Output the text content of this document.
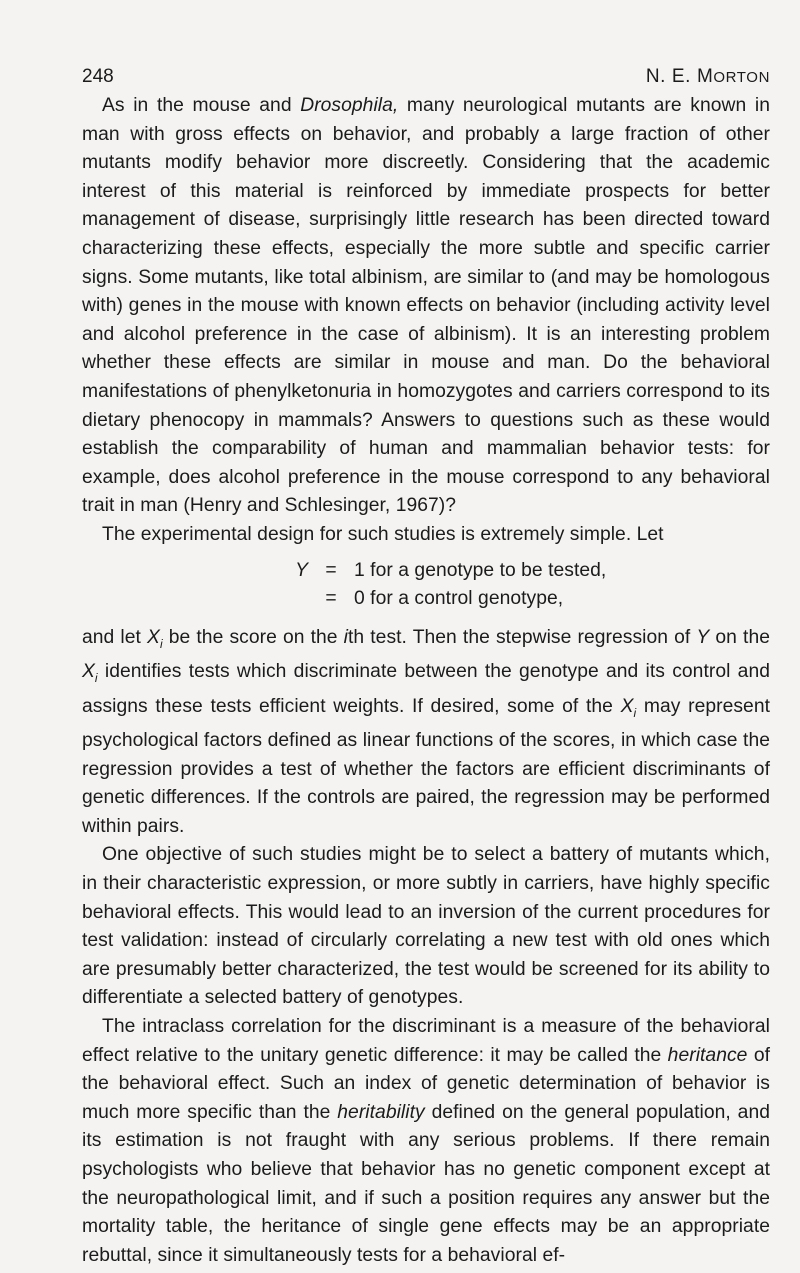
248	N. E. MORTON

As in the mouse and Drosophila, many neurological mutants are known in man with gross effects on behavior, and probably a large fraction of other mutants modify behavior more discreetly. Considering that the academic interest of this material is reinforced by immediate prospects for better management of disease, surprisingly little research has been directed toward characterizing these effects, especially the more subtle and specific carrier signs. Some mutants, like total albinism, are similar to (and may be homologous with) genes in the mouse with known effects on behavior (including activity level and alcohol preference in the case of albinism). It is an interesting problem whether these effects are similar in mouse and man. Do the behavioral manifestations of phenylketonuria in homozygotes and carriers correspond to its dietary phenocopy in mammals? Answers to questions such as these would establish the comparability of human and mammalian behavior tests: for example, does alcohol preference in the mouse correspond to any behavioral trait in man (Henry and Schlesinger, 1967)?

The experimental design for such studies is extremely simple. Let

Y = 1 for a genotype to be tested,
= 0 for a control genotype,

and let $X_i$ be the score on the ith test. Then the stepwise regression of Y on the $X_i$ identifies tests which discriminate between the genotype and its control and assigns these tests efficient weights. If desired, some of the $X_i$ may represent psychological factors defined as linear functions of the scores, in which case the regression provides a test of whether the factors are efficient discriminants of genetic differences. If the controls are paired, the regression may be performed within pairs.

One objective of such studies might be to select a battery of mutants which, in their characteristic expression, or more subtly in carriers, have highly specific behavioral effects. This would lead to an inversion of the current procedures for test validation: instead of circularly correlating a new test with old ones which are presumably better characterized, the test would be screened for its ability to differentiate a selected battery of genotypes.

The intraclass correlation for the discriminant is a measure of the behavioral effect relative to the unitary genetic difference: it may be called the heritance of the behavioral effect. Such an index of genetic determination of behavior is much more specific than the heritability defined on the general population, and its estimation is not fraught with any serious problems. If there remain psychologists who believe that behavior has no genetic component except at the neuropathological limit, and if such a position requires any answer but the mortality table, the heritance of single gene effects may be an appropriate rebuttal, since it simultaneously tests for a behavioral ef-
